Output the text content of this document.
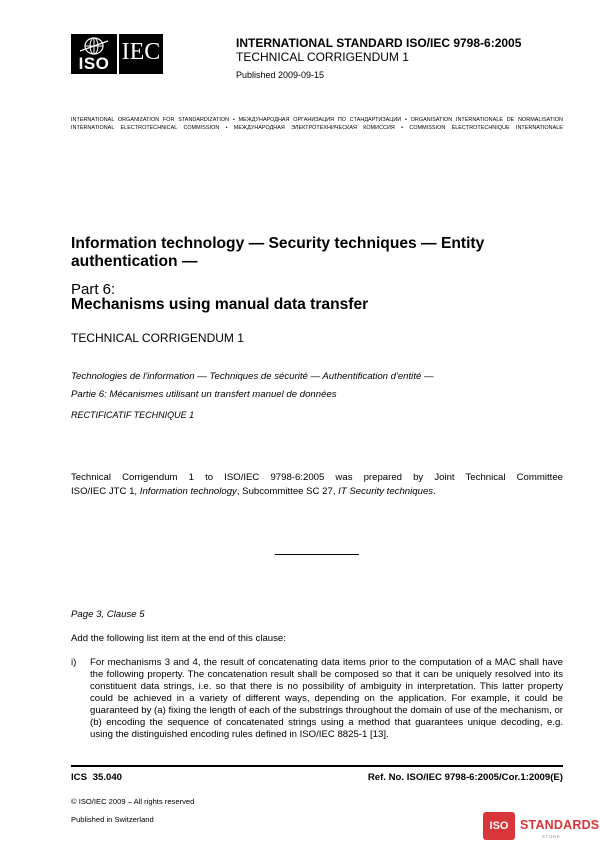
ISO IEC	INTERNATIONAL STANDARD ISO/IEC 9798-6:2005
TECHNICAL CORRIGENDUM 1
Published 2009-09-15
INTERNATIONAL ORGANIZATION FOR STANDARDIZATION • МЕЖДУНАРОДНАЯ ОРГАНИЗАЦИЯ ПО СТАНДАРТИЗАЦИИ • ORGANISATION INTERNATIONALE DE NORMALISATION
INTERNATIONAL ELECTROTECHNICAL COMMISSION • МЕЖДУНАРОДНАЯ ЭЛЕКТРОТЕХНИЧЕСКАЯ КОМИССИЯ • COMMISSION ÉLECTROTECHNIQUE INTERNATIONALE
Information technology — Security techniques — Entity authentication —
Part 6:
Mechanisms using manual data transfer
TECHNICAL CORRIGENDUM 1
Technologies de l'information — Techniques de sécurité — Authentification d'entité —
Partie 6: Mécanismes utilisant un transfert manuel de données
RECTIFICATIF TECHNIQUE 1
Technical Corrigendum 1 to ISO/IEC 9798-6:2005 was prepared by Joint Technical Committee
ISO/IEC JTC 1, Information technology, Subcommittee SC 27, IT Security techniques.
Page 3, Clause 5
Add the following list item at the end of this clause:
i) For mechanisms 3 and 4, the result of concatenating data items prior to the computation of a MAC shall have the following property. The concatenation result shall be composed so that it can be uniquely resolved into its constituent data strings, i.e. so that there is no possibility of ambiguity in interpretation. This latter property could be achieved in a variety of different ways, depending on the application. For example, it could be guaranteed by (a) fixing the length of each of the substrings throughout the domain of use of the mechanism, or (b) encoding the sequence of concatenated strings using a method that guarantees unique decoding, e.g. using the distinguished encoding rules defined in ISO/IEC 8825-1 [13].
ICS 35.040	Ref. No. ISO/IEC 9798-6:2005/Cor.1:2009(E)
© ISO/IEC 2009 – All rights reserved
Published in Switzerland
ISO STANDARDS
STORE
